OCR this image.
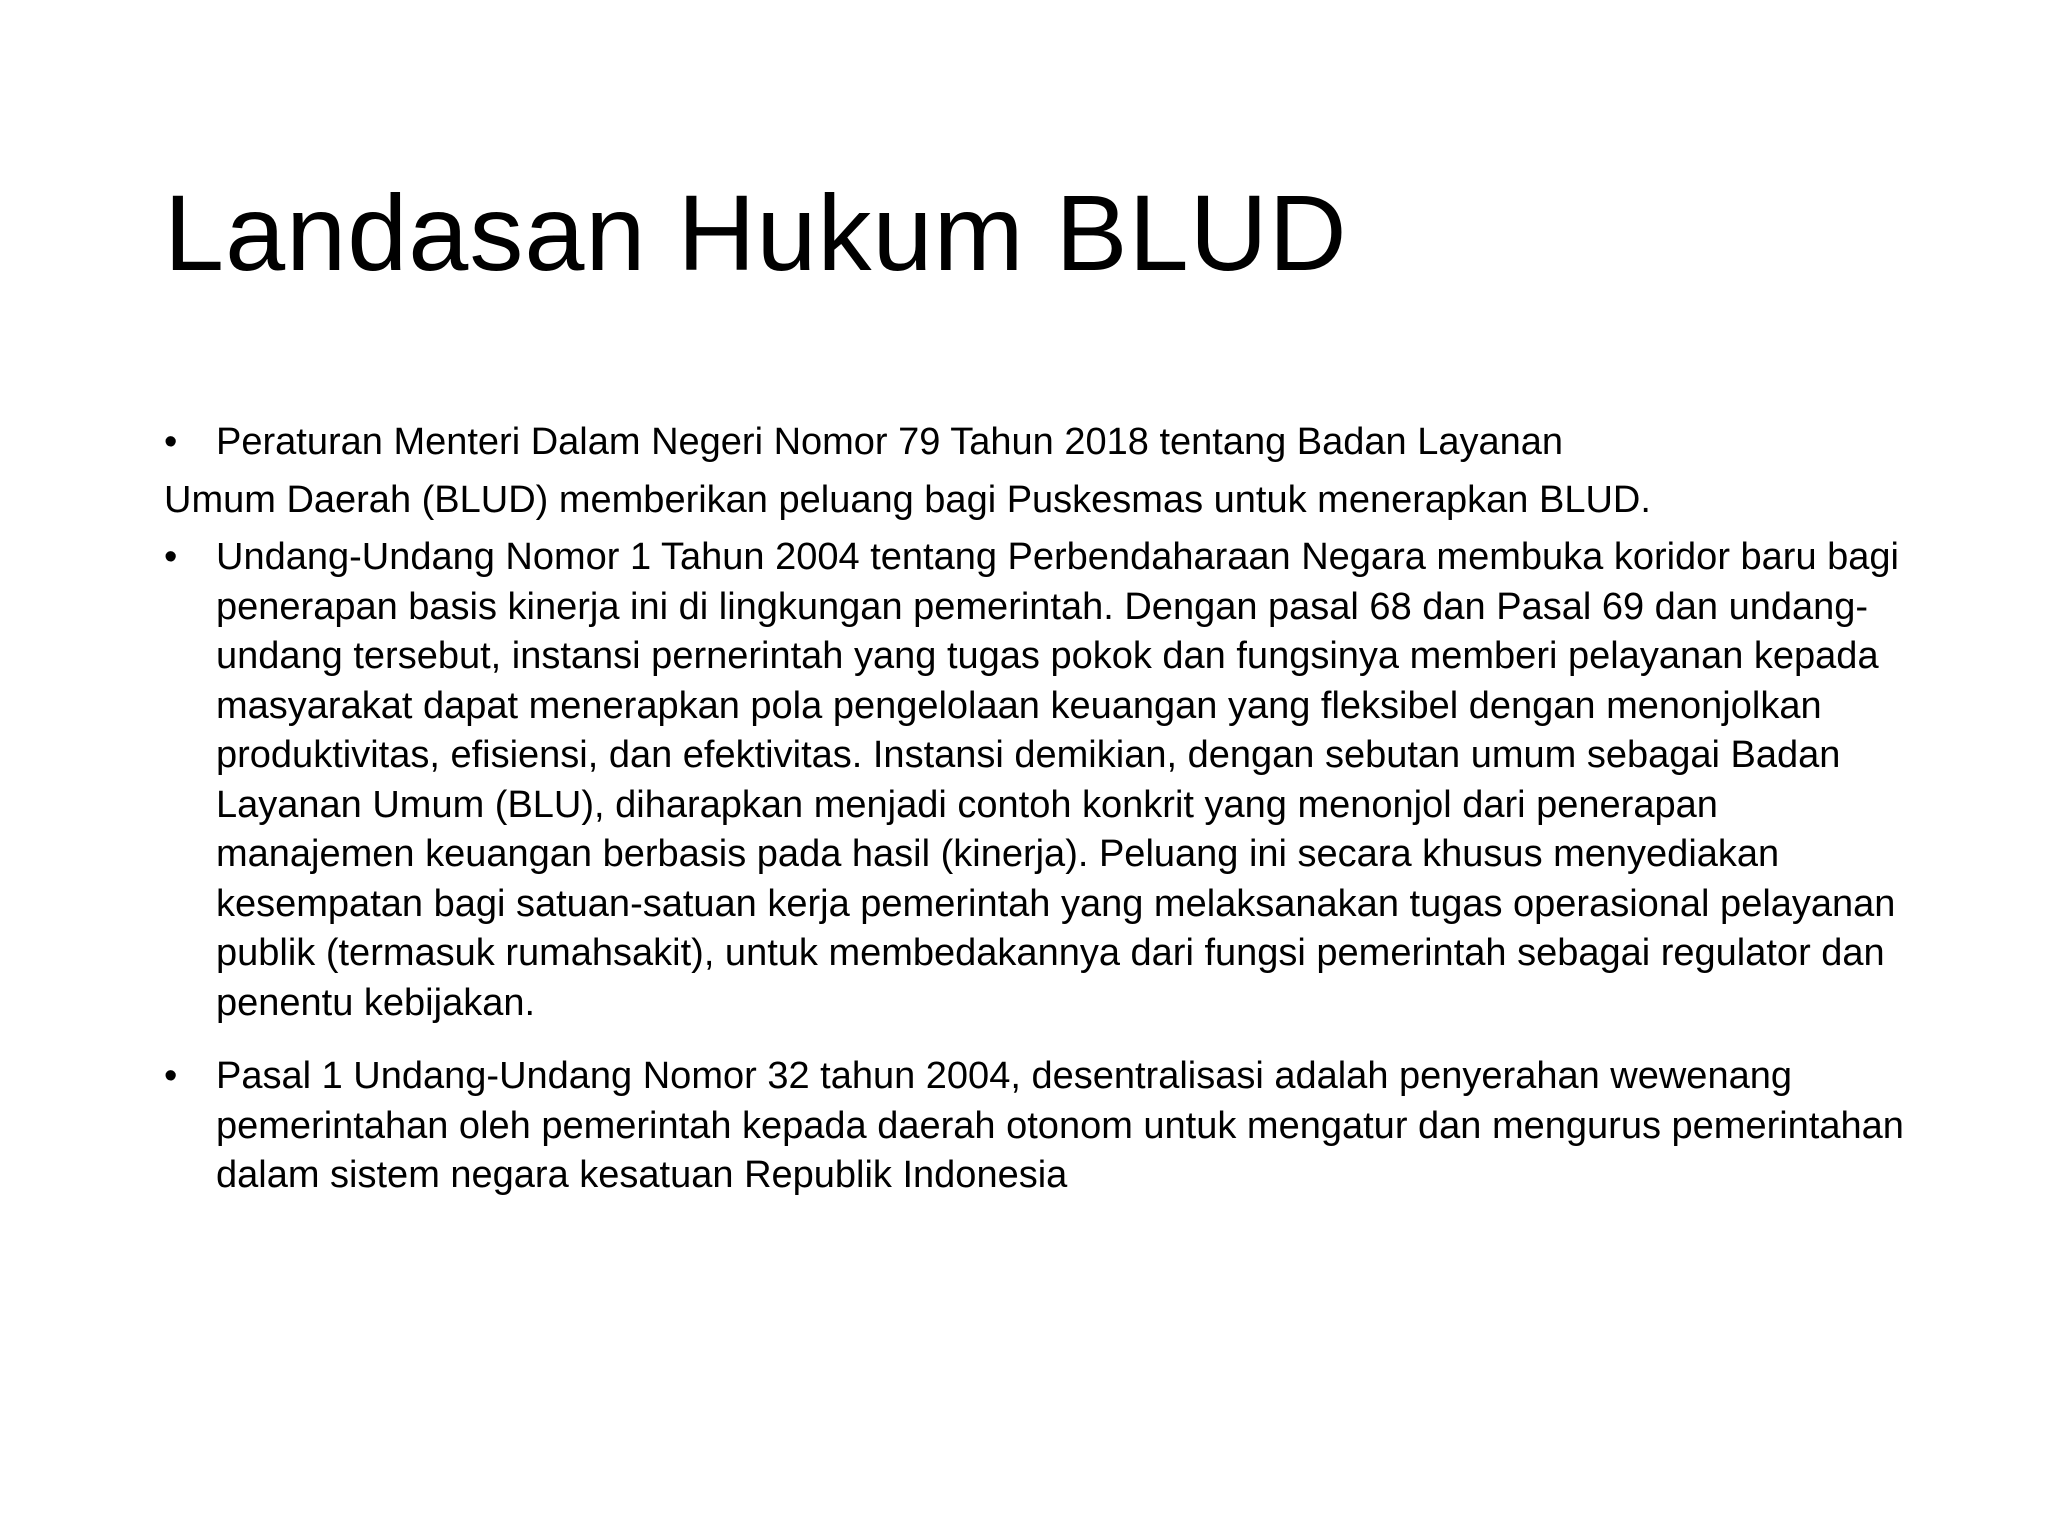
Landasan Hukum BLUD
•	Peraturan Menteri Dalam Negeri Nomor 79 Tahun 2018 tentang Badan Layanan
Umum Daerah (BLUD) memberikan peluang bagi Puskesmas untuk menerapkan BLUD.
•	Undang-Undang Nomor 1 Tahun 2004 tentang Perbendaharaan Negara membuka koridor baru bagi penerapan basis kinerja ini di lingkungan pemerintah. Dengan pasal 68 dan Pasal 69 dan undang-undang tersebut, instansi pernerintah yang tugas pokok dan fungsinya memberi pelayanan kepada masyarakat dapat menerapkan pola pengelolaan keuangan yang fleksibel dengan menonjolkan produktivitas, efisiensi, dan efektivitas. Instansi demikian, dengan sebutan umum sebagai Badan Layanan Umum (BLU), diharapkan menjadi contoh konkrit yang menonjol dari penerapan manajemen keuangan berbasis pada hasil (kinerja). Peluang ini secara khusus menyediakan kesempatan bagi satuan-satuan kerja pemerintah yang melaksanakan tugas operasional pelayanan publik (termasuk rumahsakit), untuk membedakannya dari fungsi pemerintah sebagai regulator dan penentu kebijakan.
•	Pasal 1 Undang-Undang Nomor 32 tahun 2004, desentralisasi adalah penyerahan wewenang pemerintahan oleh pemerintah kepada daerah otonom untuk mengatur dan mengurus pemerintahan dalam sistem negara kesatuan Republik Indonesia
